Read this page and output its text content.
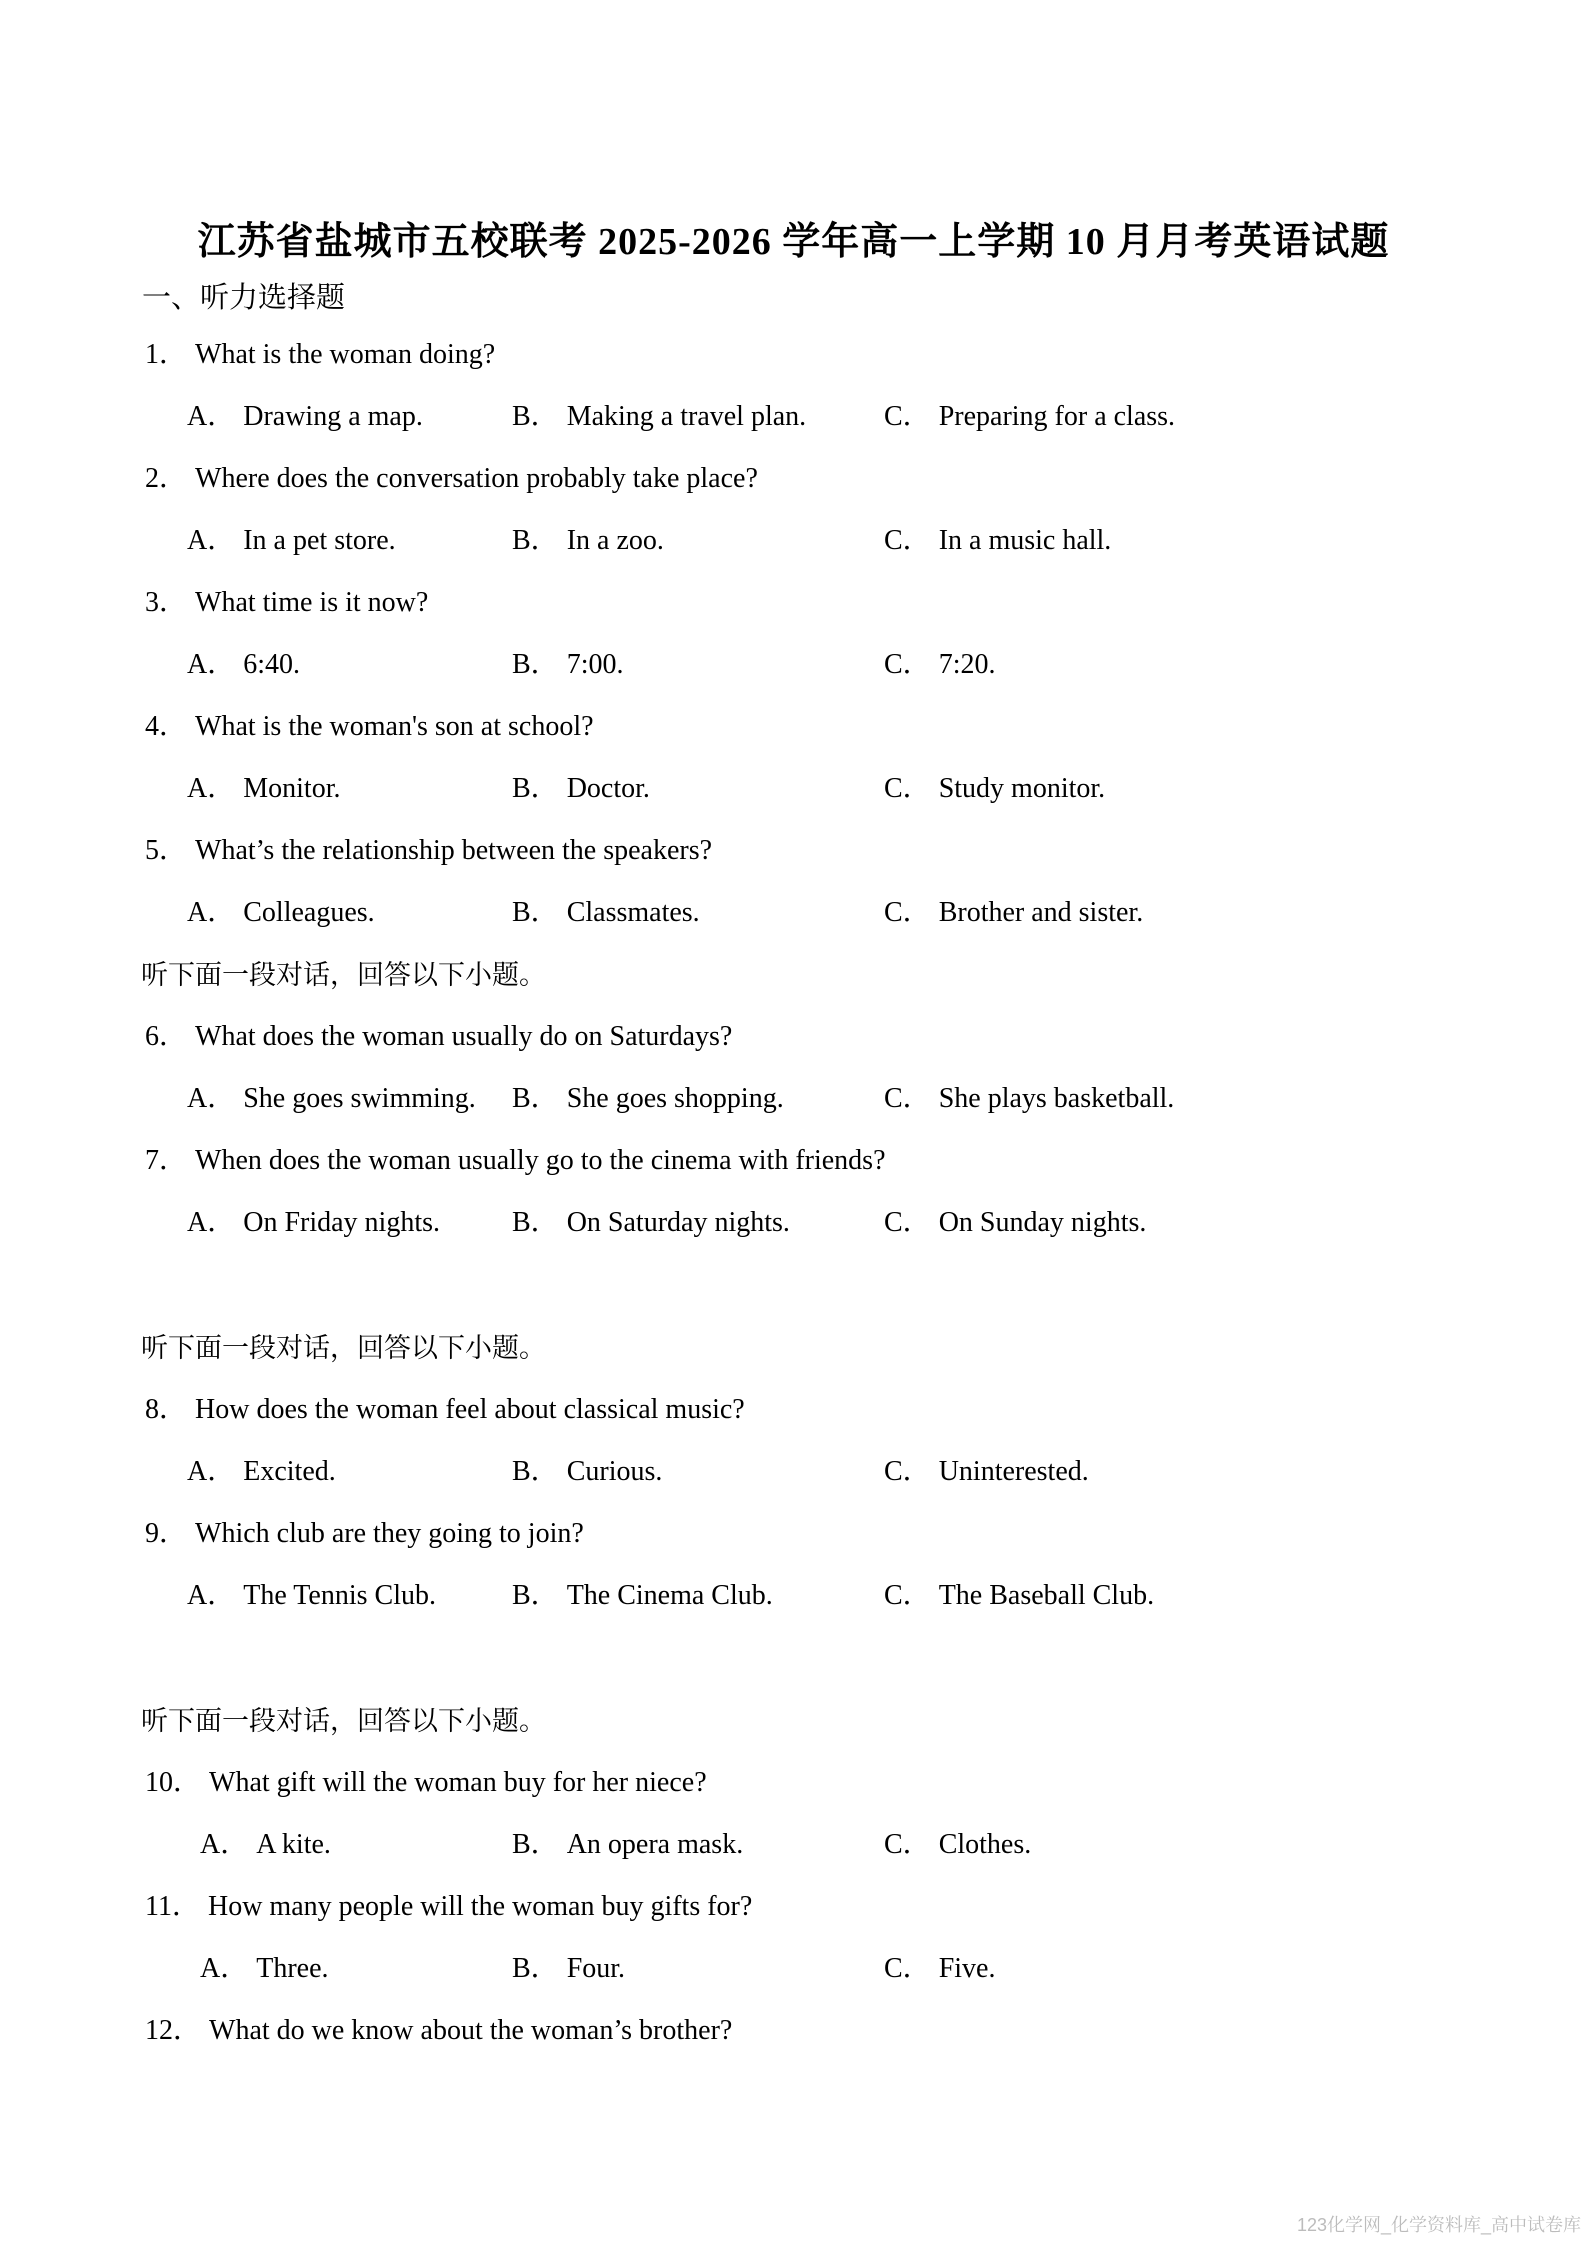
江苏省盐城市五校联考 2025-2026 学年高一上学期 10 月月考英语试题
一、听力选择题
1． What is the woman doing?
A． Drawing a map.	B． Making a travel plan.	C． Preparing for a class.
2． Where does the conversation probably take place?
A． In a pet store.	B． In a zoo.	C． In a music hall.
3． What time is it now?
A． 6:40.	B． 7:00.	C． 7:20.
4． What is the woman's son at school?
A． Monitor.	B． Doctor.	C． Study monitor.
5． What’s the relationship between the speakers?
A． Colleagues.	B． Classmates.	C． Brother and sister.
听下面一段对话，回答以下小题。
6． What does the woman usually do on Saturdays?
A． She goes swimming.	B． She goes shopping.	C． She plays basketball.
7． When does the woman usually go to the cinema with friends?
A． On Friday nights.	B． On Saturday nights.	C． On Sunday nights.
听下面一段对话，回答以下小题。
8． How does the woman feel about classical music?
A． Excited.	B． Curious.	C． Uninterested.
9． Which club are they going to join?
A． The Tennis Club.	B． The Cinema Club.	C． The Baseball Club.
听下面一段对话，回答以下小题。
10． What gift will the woman buy for her niece?
A． A kite.	B． An opera mask.	C． Clothes.
11． How many people will the woman buy gifts for?
A． Three.	B． Four.	C． Five.
12． What do we know about the woman’s brother?
123化学网_化学资料库_高中试卷库
